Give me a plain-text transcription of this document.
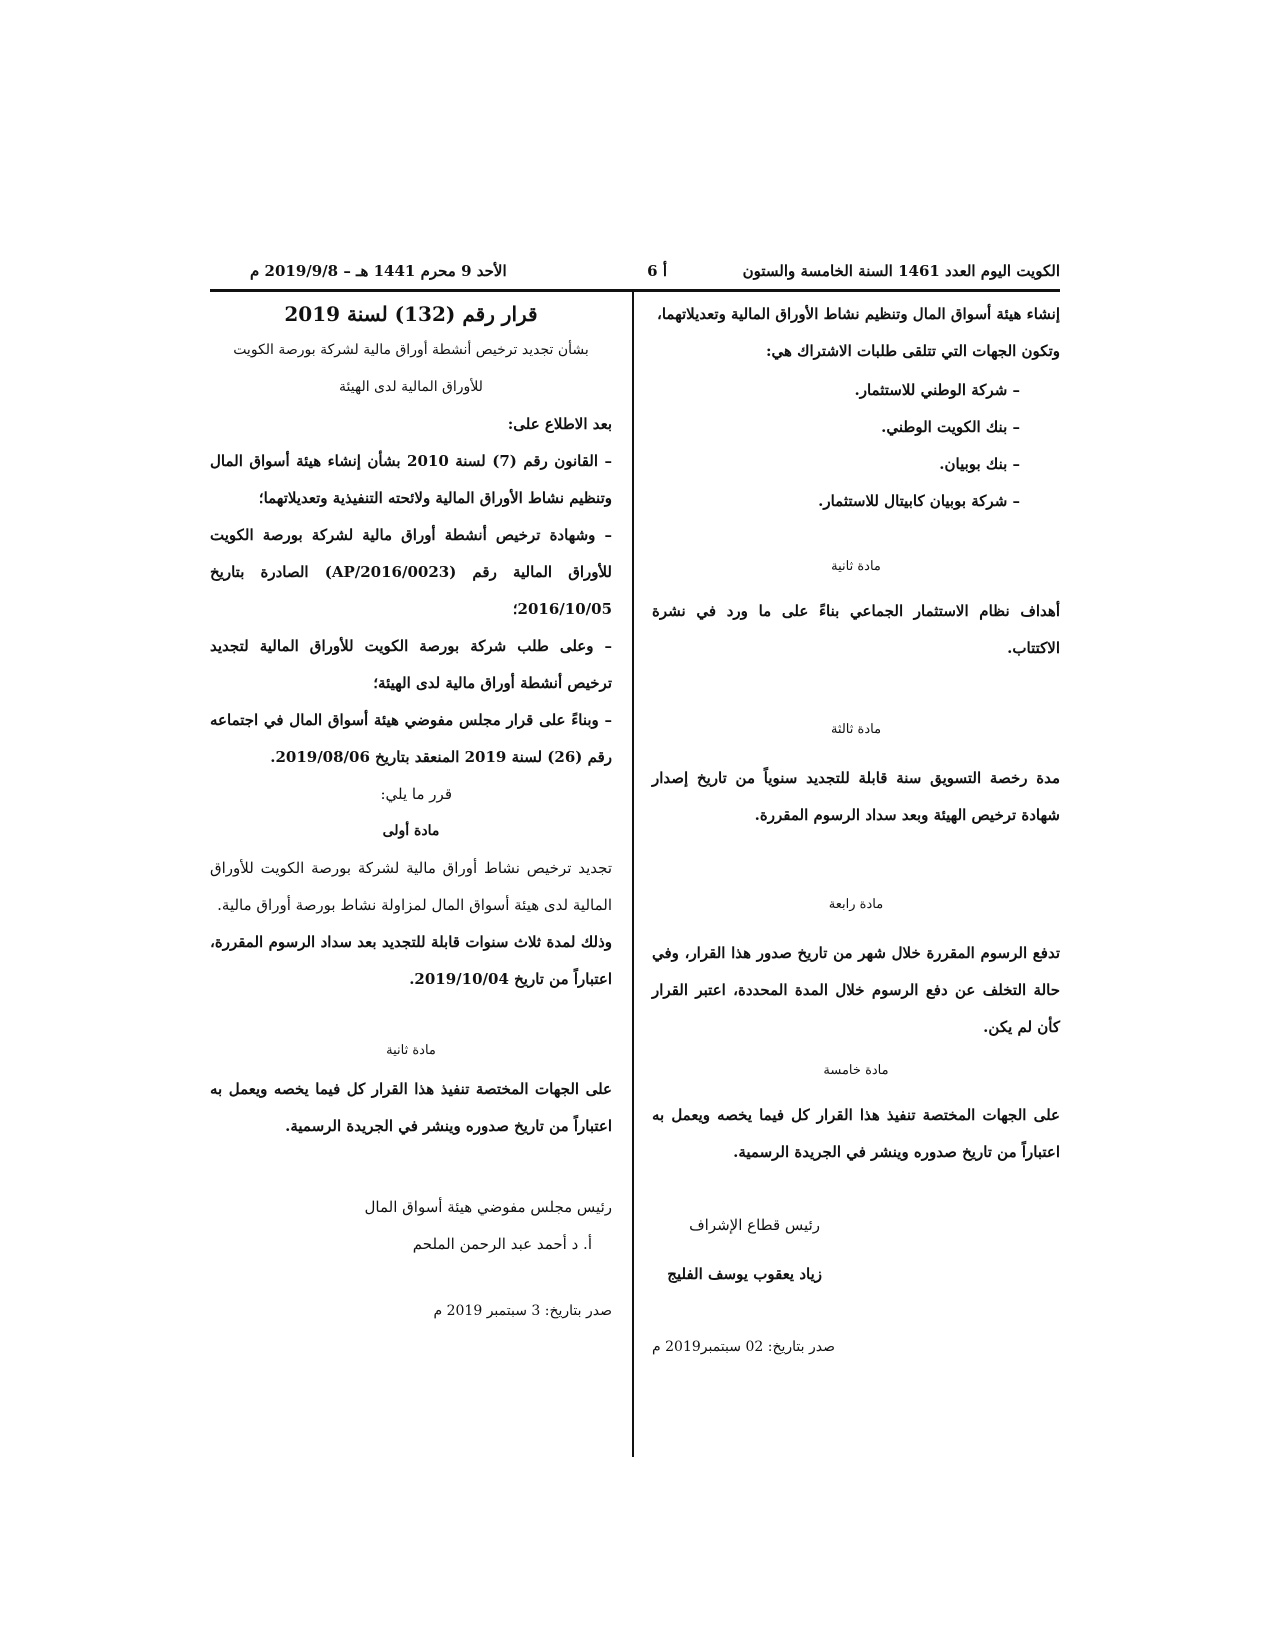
الكويت اليوم العدد 1461 السنة الخامسة والستون
أ 6
الأحد 9 محرم 1441 هـ – 2019/9/8 م

إنشاء هيئة أسواق المال وتنظيم نشاط الأوراق المالية وتعديلاتهما،

وتكون الجهات التي تتلقى طلبات الاشتراك هي:

– شركة الوطني للاستثمار.

– بنك الكويت الوطني.

– بنك بوبيان.

– شركة بوبيان كابيتال للاستثمار.

مادة ثانية

أهداف نظام الاستثمار الجماعي بناءً على ما ورد في نشرة الاكتتاب.

مادة ثالثة

مدة رخصة التسويق سنة قابلة للتجديد سنوياً من تاريخ إصدار شهادة ترخيص الهيئة وبعد سداد الرسوم المقررة.

مادة رابعة

تدفع الرسوم المقررة خلال شهر من تاريخ صدور هذا القرار، وفي حالة التخلف عن دفع الرسوم خلال المدة المحددة، اعتبر القرار كأن لم يكن.

مادة خامسة

على الجهات المختصة تنفيذ هذا القرار كل فيما يخصه ويعمل به اعتباراً من تاريخ صدوره وينشر في الجريدة الرسمية.

رئيس قطاع الإشراف

زياد يعقوب يوسف الفليج

صدر بتاريخ: 02 سبتمبر2019 م

قرار رقم (132) لسنة 2019

بشأن تجديد ترخيص أنشطة أوراق مالية لشركة بورصة الكويت

للأوراق المالية لدى الهيئة

بعد الاطلاع على:

– القانون رقم (7) لسنة 2010 بشأن إنشاء هيئة أسواق المال وتنظيم نشاط الأوراق المالية ولائحته التنفيذية وتعديلاتهما؛

– وشهادة ترخيص أنشطة أوراق مالية لشركة بورصة الكويت للأوراق المالية رقم (AP/2016/0023) الصادرة بتاريخ 2016/10/05؛

– وعلى طلب شركة بورصة الكويت للأوراق المالية لتجديد ترخيص أنشطة أوراق مالية لدى الهيئة؛

– وبناءً على قرار مجلس مفوضي هيئة أسواق المال في اجتماعه رقم (26) لسنة 2019 المنعقد بتاريخ 2019/08/06.

قرر ما يلي:

مادة أولى

تجديد ترخيص نشاط أوراق مالية لشركة بورصة الكويت للأوراق المالية لدى هيئة أسواق المال لمزاولة نشاط بورصة أوراق مالية.

وذلك لمدة ثلاث سنوات قابلة للتجديد بعد سداد الرسوم المقررة، اعتباراً من تاريخ 2019/10/04.

مادة ثانية

على الجهات المختصة تنفيذ هذا القرار كل فيما يخصه ويعمل به اعتباراً من تاريخ صدوره وينشر في الجريدة الرسمية.

رئيس مجلس مفوضي هيئة أسواق المال

أ. د أحمد عبد الرحمن الملحم

صدر بتاريخ: 3 سبتمبر 2019 م
